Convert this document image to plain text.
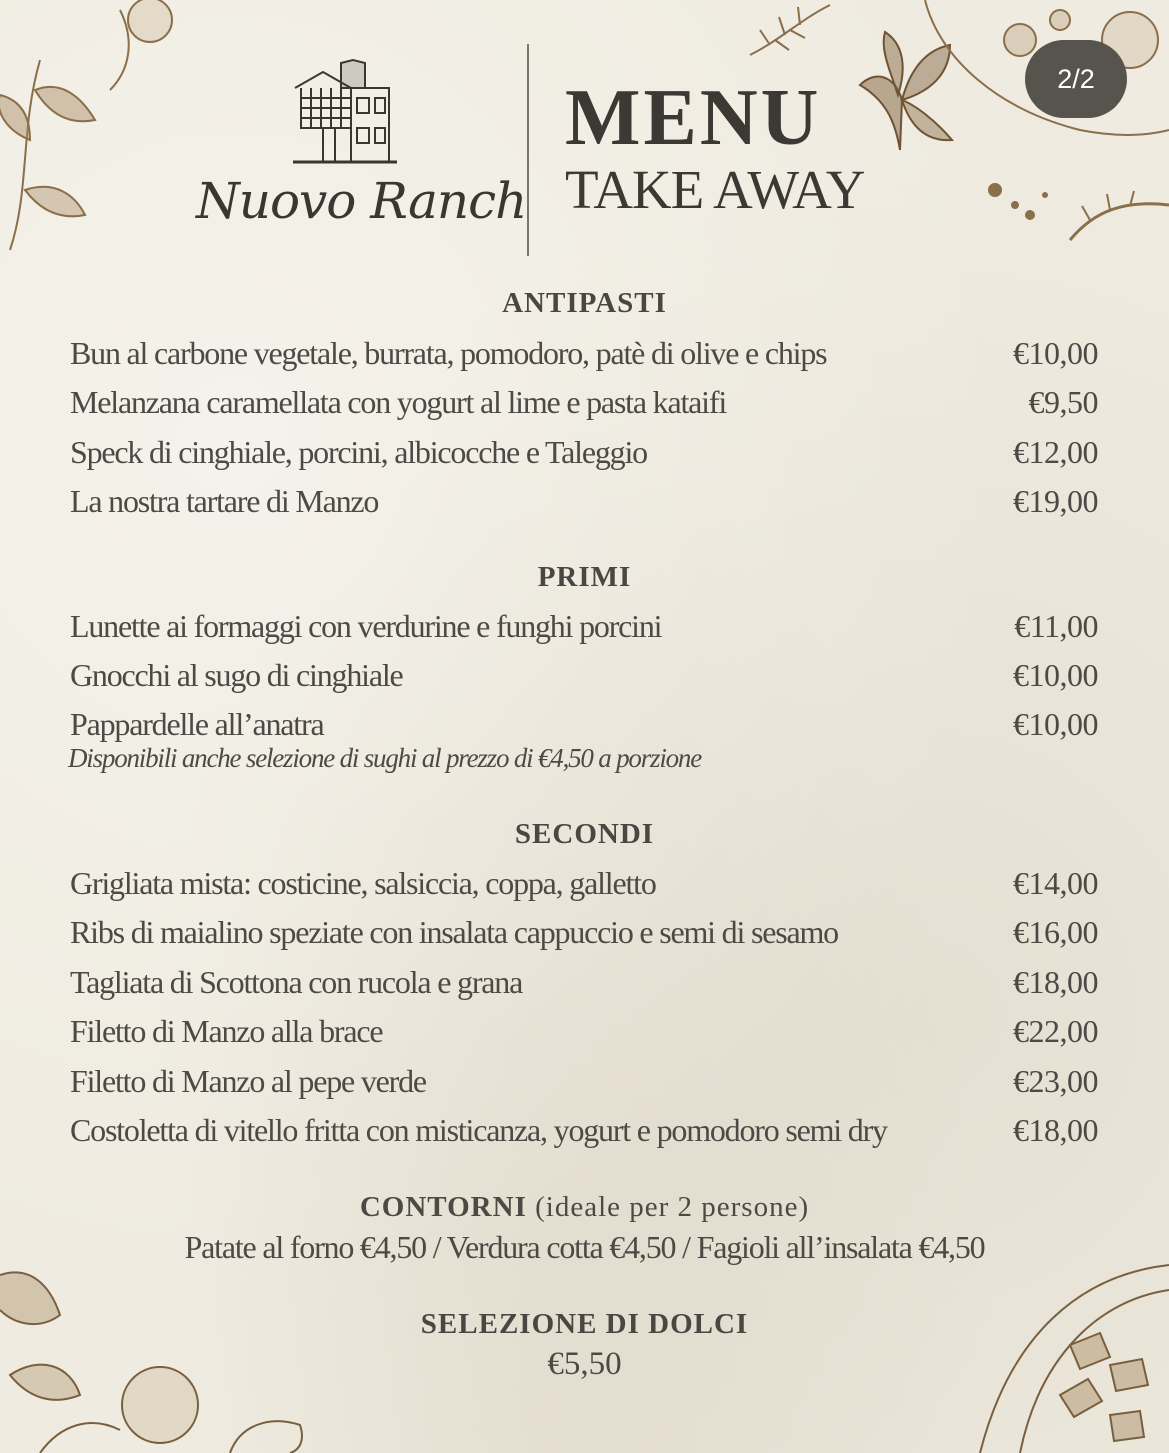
2/2
Nuovo Ranch
MENU
TAKE AWAY
ANTIPASTI
Bun al carbone vegetale, burrata, pomodoro, patè di olive e chips	€10,00
Melanzana caramellata con yogurt al lime e pasta kataifi	€9,50
Speck di cinghiale, porcini, albicocche e Taleggio	€12,00
La nostra tartare di Manzo	€19,00
PRIMI
Lunette ai formaggi con verdurine e funghi porcini	€11,00
Gnocchi al sugo di cinghiale	€10,00
Pappardelle all’anatra	€10,00
Disponibili anche selezione di sughi al prezzo di €4,50 a porzione
SECONDI
Grigliata mista: costicine, salsiccia, coppa, galletto	€14,00
Ribs di maialino speziate con insalata cappuccio e semi di sesamo	€16,00
Tagliata di Scottona con rucola e grana	€18,00
Filetto di Manzo alla brace	€22,00
Filetto di Manzo al pepe verde	€23,00
Costoletta di vitello fritta con misticanza, yogurt e pomodoro semi dry	€18,00
CONTORNI (ideale per 2 persone)
Patate al forno €4,50 / Verdura cotta €4,50 / Fagioli all’insalata €4,50
SELEZIONE DI DOLCI
€5,50
